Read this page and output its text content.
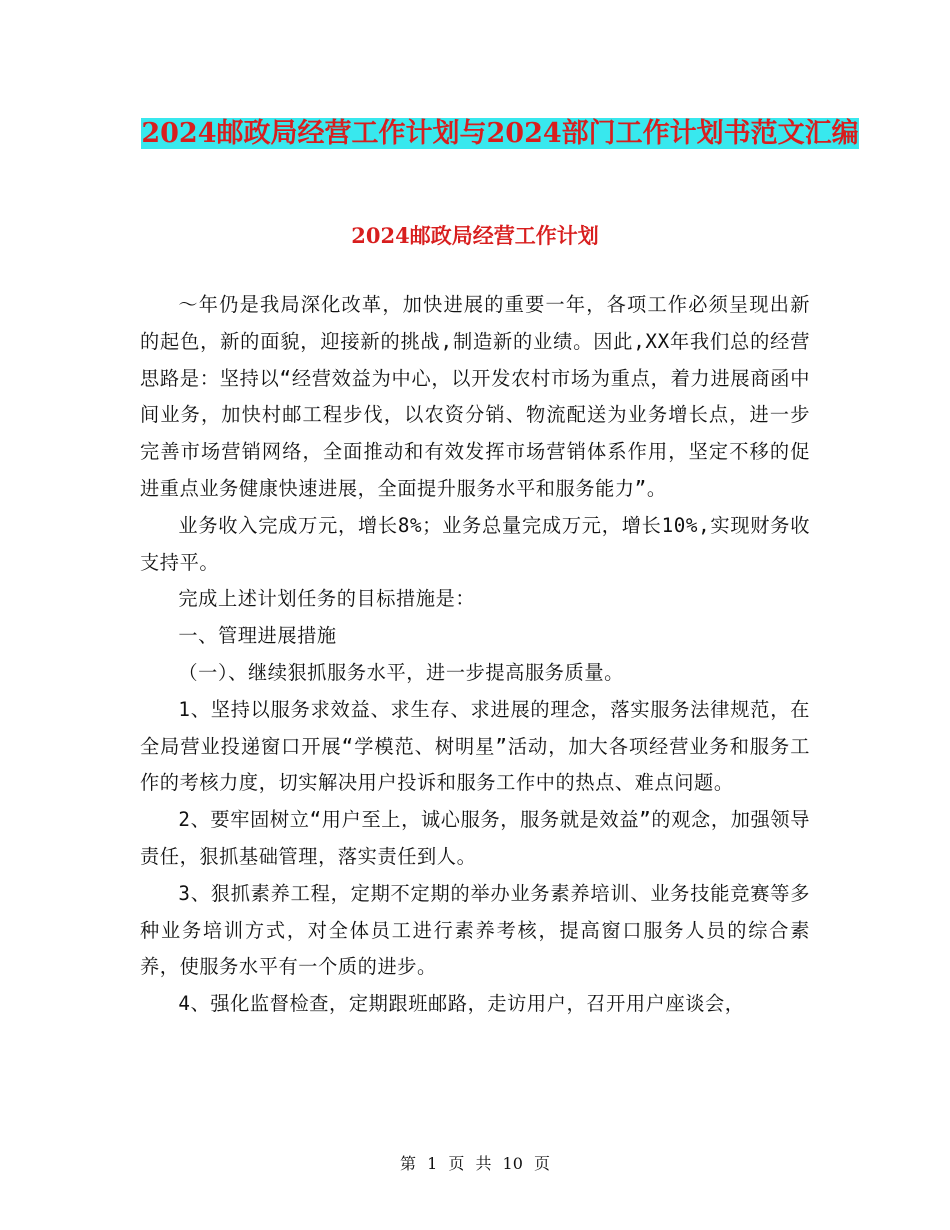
2024邮政局经营工作计划与2024部门工作计划书范文汇编
2024邮政局经营工作计划

～年仍是我局深化改革，加快进展的重要一年，各项工作必须呈现出新的起色，新的面貌，迎接新的挑战,制造新的业绩。因此,XX年我们总的经营思路是：坚持以“经营效益为中心，以开发农村市场为重点，着力进展商函中间业务，加快村邮工程步伐，以农资分销、物流配送为业务增长点，进一步完善市场营销网络，全面推动和有效发挥市场营销体系作用，坚定不移的促进重点业务健康快速进展，全面提升服务水平和服务能力”。

业务收入完成万元，增长8%；业务总量完成万元，增长10%,实现财务收支持平。

完成上述计划任务的目标措施是：

一、管理进展措施

（一）、继续狠抓服务水平，进一步提高服务质量。

1、坚持以服务求效益、求生存、求进展的理念，落实服务法律规范，在全局营业投递窗口开展“学模范、树明星”活动，加大各项经营业务和服务工作的考核力度，切实解决用户投诉和服务工作中的热点、难点问题。

2、要牢固树立“用户至上，诚心服务，服务就是效益”的观念，加强领导责任，狠抓基础管理，落实责任到人。

3、狠抓素养工程，定期不定期的举办业务素养培训、业务技能竞赛等多种业务培训方式，对全体员工进行素养考核，提高窗口服务人员的综合素养，使服务水平有一个质的进步。

4、强化监督检查，定期跟班邮路，走访用户，召开用户座谈会，

第 1 页 共 10 页
